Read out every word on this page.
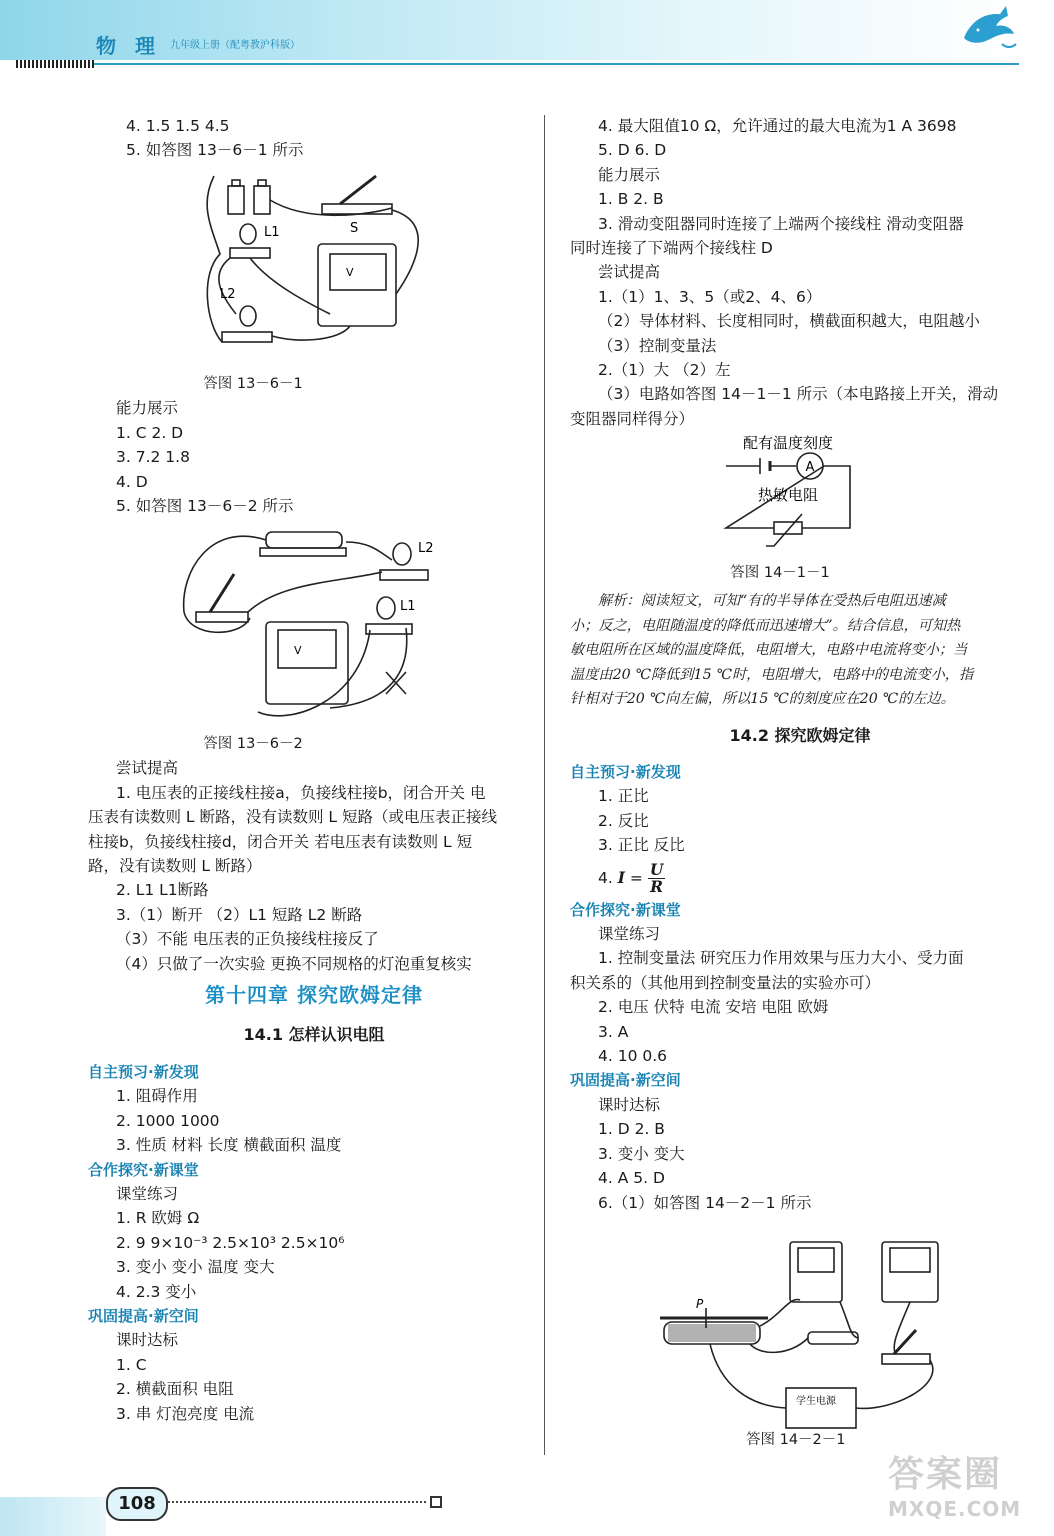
物 理 九年级上册（配粤教沪科版）

4. 1.5 1.5 4.5

5. 如答图 13－6－1 所示

V
L1
L2
S

答图 13－6－1

能力展示

1. C 2. D

3. 7.2 1.8

4. D

5. 如答图 13－6－2 所示

V
L2
L1

答图 13－6－2

尝试提高

1. 电压表的正接线柱接a，负接线柱接b，闭合开关 电

压表有读数则 L 断路，没有读数则 L 短路（或电压表正接线

柱接b，负接线柱接d，闭合开关 若电压表有读数则 L 短

路，没有读数则 L 断路）

2. L1 L1断路

3.（1）断开 （2）L1 短路 L2 断路

（3）不能 电压表的正负接线柱接反了

（4）只做了一次实验 更换不同规格的灯泡重复核实

第十四章 探究欧姆定律

14.1 怎样认识电阻

自主预习·新发现

1. 阻碍作用

2. 1000 1000

3. 性质 材料 长度 横截面积 温度

合作探究·新课堂

课堂练习

1. R 欧姆 Ω

2. 9 9×10⁻³ 2.5×10³ 2.5×10⁶

3. 变小 变小 温度 变大

4. 2.3 变小

巩固提高·新空间

课时达标

1. C

2. 横截面积 电阻

3. 串 灯泡亮度 电流

4. 最大阻值10 Ω，允许通过的最大电流为1 A 3698

5. D 6. D

能力展示

1. B 2. B

3. 滑动变阻器同时连接了上端两个接线柱 滑动变阻器

同时连接了下端两个接线柱 D

尝试提高

1.（1）1、3、5（或2、4、6）

（2）导体材料、长度相同时，横截面积越大，电阻越小

（3）控制变量法

2.（1）大 （2）左

（3）电路如答图 14－1－1 所示（本电路接上开关，滑动

变阻器同样得分）

配有温度刻度
A
热敏电阻

答图 14－1－1

解析：阅读短文，可知“有的半导体在受热后电阻迅速减

小；反之，电阻随温度的降低而迅速增大”。结合信息，可知热

敏电阻所在区域的温度降低，电阻增大，电路中电流将变小；当

温度由20 ℃降低到15 ℃时，电阻增大，电路中的电流变小，指

针相对于20 ℃向左偏，所以15 ℃的刻度应在20 ℃的左边。

14.2 探究欧姆定律

自主预习·新发现

1. 正比

2. 反比

3. 正比 反比

4. $I = \frac{U}{R}$

合作探究·新课堂

课堂练习

1. 控制变量法 研究压力作用效果与压力大小、受力面

积关系的（其他用到控制变量法的实验亦可）

2. 电压 伏特 电流 安培 电阻 欧姆

3. A

4. 10 0.6

巩固提高·新空间

课时达标

1. D 2. B

3. 变小 变大

4. A 5. D

6.（1）如答图 14－2－1 所示

P
学生电源

答图 14－2－1

108
答案圈
MXQE.COM
